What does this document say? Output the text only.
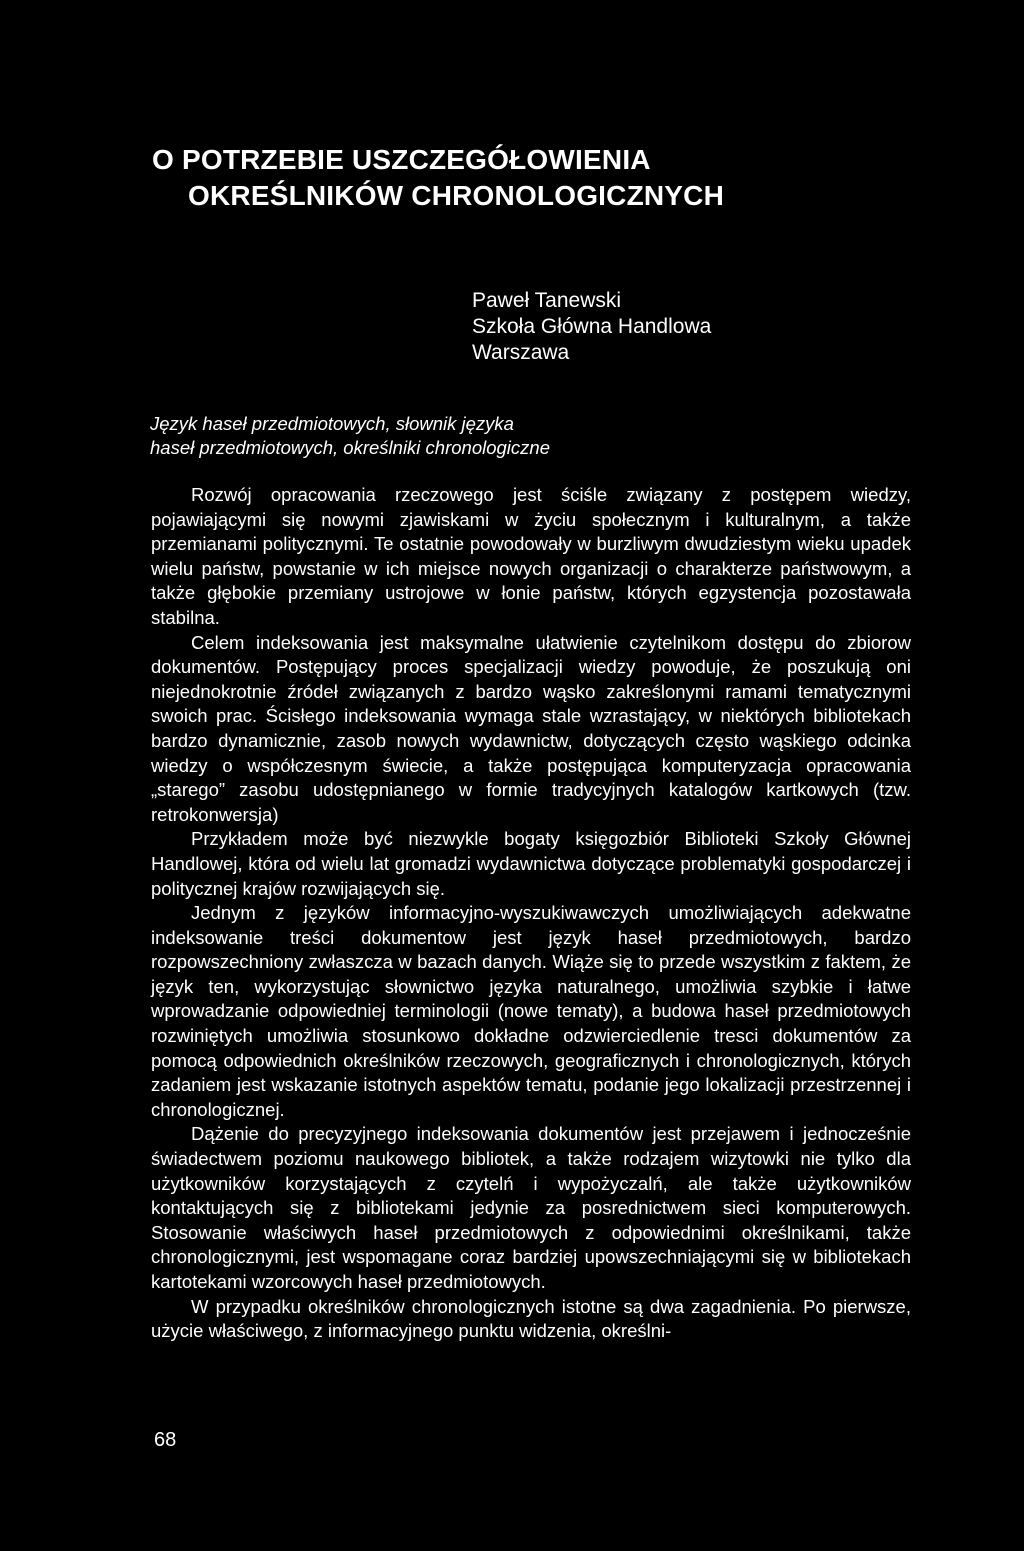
O POTRZEBIE USZCZEGÓŁOWIENIA
OKREŚLNIKÓW CHRONOLOGICZNYCH
Paweł Tanewski
Szkoła Główna Handlowa
Warszawa
Język haseł przedmiotowych, słownik języka
haseł przedmiotowych, określniki chronologiczne

Rozwój opracowania rzeczowego jest ściśle związany z postępem wiedzy, pojawiającymi się nowymi zjawiskami w życiu społecznym i kulturalnym, a także przemianami politycznymi. Te ostatnie powodowały w burzliwym dwudziestym wieku upadek wielu państw, powstanie w ich miejsce nowych organizacji o charakterze państwowym, a także głębokie przemiany ustrojowe w łonie państw, których egzystencja pozostawała stabilna.

Celem indeksowania jest maksymalne ułatwienie czytelnikom dostępu do zbiorow dokumentów. Postępujący proces specjalizacji wiedzy powoduje, że poszukują oni niejednokrotnie źródeł związanych z bardzo wąsko zakreślonymi ramami tematycznymi swoich prac. Ścisłego indeksowania wymaga stale wzrastający, w niektórych bibliotekach bardzo dynamicznie, zasob nowych wydawnictw, dotyczących często wąskiego odcinka wiedzy o współczesnym świecie, a także postępująca komputeryzacja opracowania „starego” zasobu udostępnianego w formie tradycyjnych katalogów kartkowych (tzw. retrokonwersja)

Przykładem może być niezwykle bogaty księgozbiór Biblioteki Szkoły Głównej Handlowej, która od wielu lat gromadzi wydawnictwa dotyczące problematyki gospodarczej i politycznej krajów rozwijających się.

Jednym z języków informacyjno-wyszukiwawczych umożliwiających adekwatne indeksowanie treści dokumentow jest język haseł przedmiotowych, bardzo rozpowszechniony zwłaszcza w bazach danych. Wiąże się to przede wszystkim z faktem, że język ten, wykorzystując słownictwo języka naturalnego, umożliwia szybkie i łatwe wprowadzanie odpowiedniej terminologii (nowe tematy), a budowa haseł przedmiotowych rozwiniętych umożliwia stosunkowo dokładne odzwierciedlenie tresci dokumentów za pomocą odpowiednich określników rzeczowych, geograficznych i chronologicznych, których zadaniem jest wskazanie istotnych aspektów tematu, podanie jego lokalizacji przestrzennej i chronologicznej.

Dążenie do precyzyjnego indeksowania dokumentów jest przejawem i jednocześnie świadectwem poziomu naukowego bibliotek, a także rodzajem wizytowki nie tylko dla użytkowników korzystających z czytelń i wypożyczalń, ale także użytkowników kontaktujących się z bibliotekami jedynie za posrednictwem sieci komputerowych. Stosowanie właściwych haseł przedmiotowych z odpowiednimi określnikami, także chronologicznymi, jest wspomagane coraz bardziej upowszechniającymi się w bibliotekach kartotekami wzorcowych haseł przedmiotowych.

W przypadku określników chronologicznych istotne są dwa zagadnienia. Po pierwsze, użycie właściwego, z informacyjnego punktu widzenia, określni-

68
